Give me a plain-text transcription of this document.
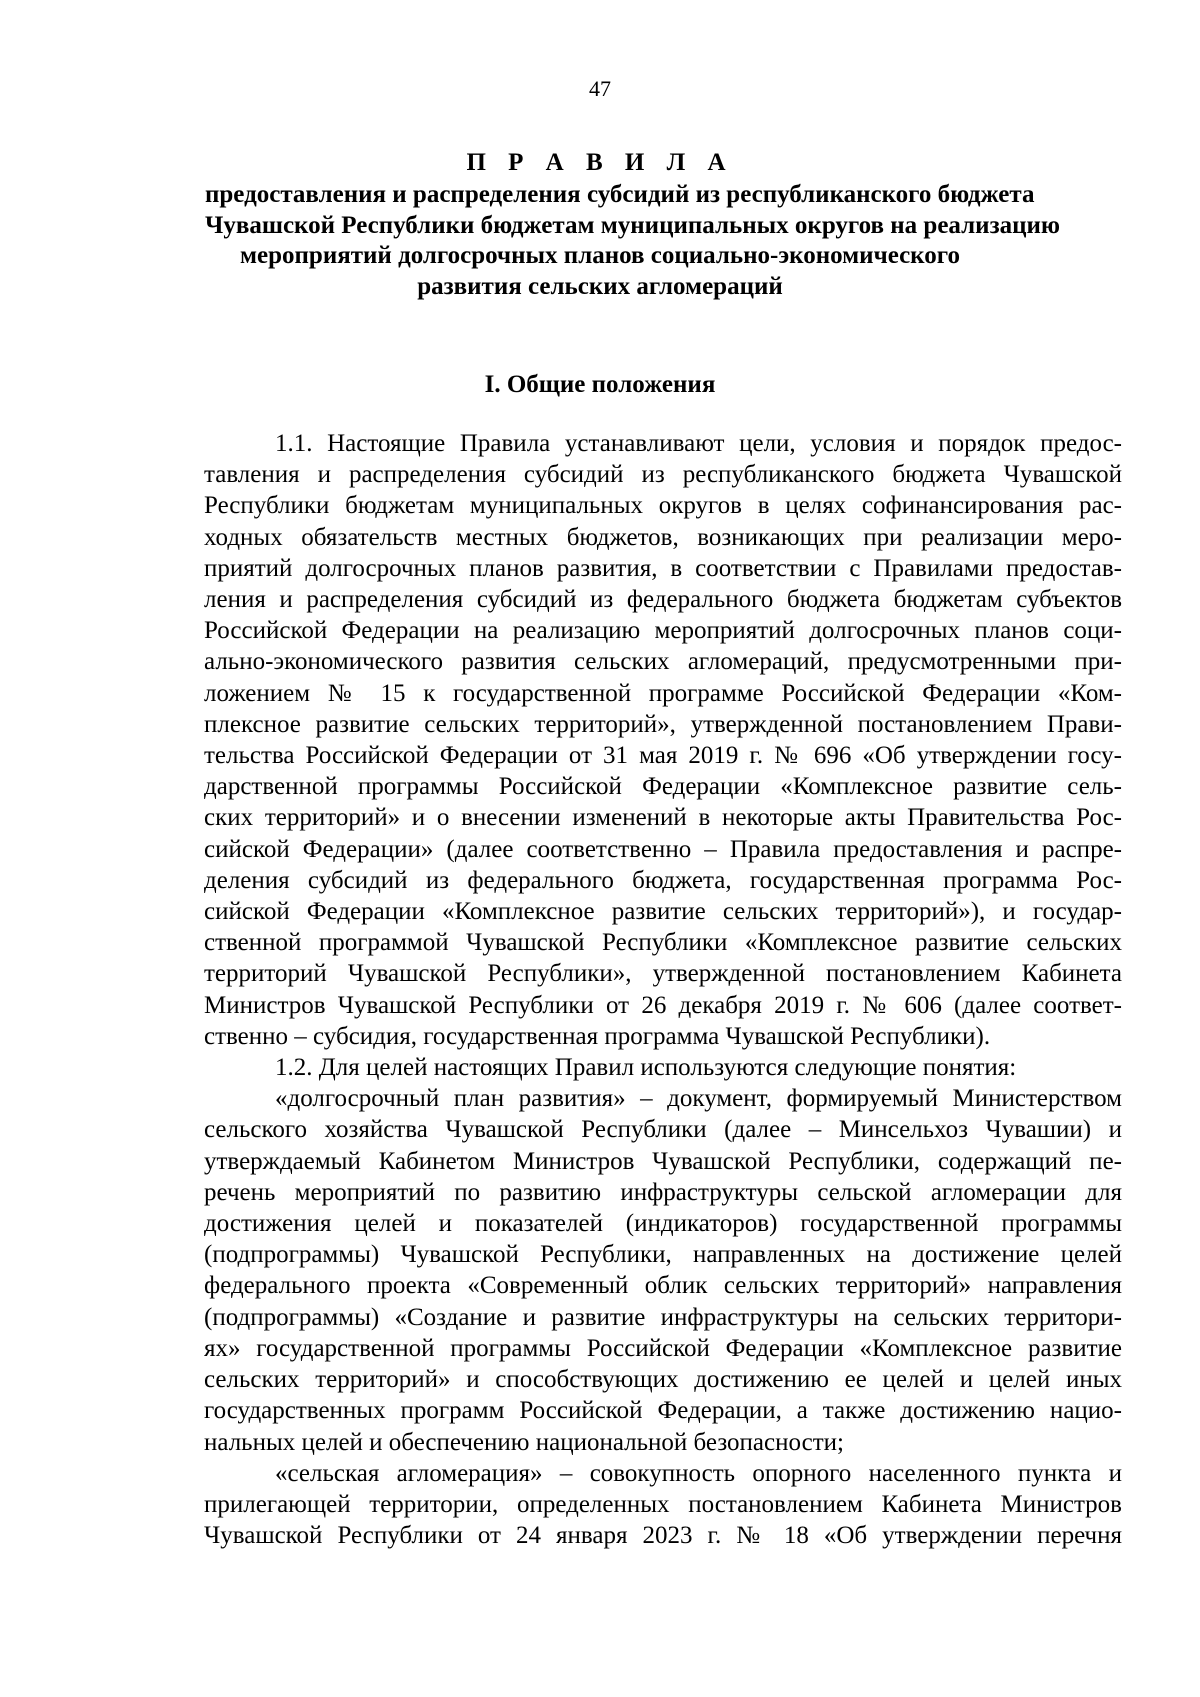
47
П Р А В И Л А
предоставления и распределения субсидий из республиканского бюджета
Чувашской Республики бюджетам муниципальных округов на реализацию
мероприятий долгосрочных планов социально-экономического
развития сельских агломераций
I. Общие положения

1.1. Настоящие Правила устанавливают цели, условия и порядок предос-
тавления и распределения субсидий из республиканского бюджета Чувашской
Республики бюджетам муниципальных округов в целях софинансирования рас-
ходных обязательств местных бюджетов, возникающих при реализации меро-
приятий долгосрочных планов развития, в соответствии с Правилами предостав-
ления и распределения субсидий из федерального бюджета бюджетам субъектов
Российской Федерации на реализацию мероприятий долгосрочных планов соци-
ально-экономического развития сельских агломераций, предусмотренными при-
ложением № 15 к государственной программе Российской Федерации «Ком-
плексное развитие сельских территорий», утвержденной постановлением Прави-
тельства Российской Федерации от 31 мая 2019 г. № 696 «Об утверждении госу-
дарственной программы Российской Федерации «Комплексное развитие сель-
ских территорий» и о внесении изменений в некоторые акты Правительства Рос-
сийской Федерации» (далее соответственно – Правила предоставления и распре-
деления субсидий из федерального бюджета, государственная программа Рос-
сийской Федерации «Комплексное развитие сельских территорий»), и государ-
ственной программой Чувашской Республики «Комплексное развитие сельских
территорий Чувашской Республики», утвержденной постановлением Кабинета
Министров Чувашской Республики от 26 декабря 2019 г. № 606 (далее соответ-
ственно – субсидия, государственная программа Чувашской Республики).

1.2. Для целей настоящих Правил используются следующие понятия:

«долгосрочный план развития» – документ, формируемый Министерством
сельского хозяйства Чувашской Республики (далее – Минсельхоз Чувашии) и
утверждаемый Кабинетом Министров Чувашской Республики, содержащий пе-
речень мероприятий по развитию инфраструктуры сельской агломерации для
достижения целей и показателей (индикаторов) государственной программы
(подпрограммы) Чувашской Республики, направленных на достижение целей
федерального проекта «Современный облик сельских территорий» направления
(подпрограммы) «Создание и развитие инфраструктуры на сельских территори-
ях» государственной программы Российской Федерации «Комплексное развитие
сельских территорий» и способствующих достижению ее целей и целей иных
государственных программ Российской Федерации, а также достижению нацио-
нальных целей и обеспечению национальной безопасности;

«сельская агломерация» – совокупность опорного населенного пункта и
прилегающей территории, определенных постановлением Кабинета Министров
Чувашской Республики от 24 января 2023 г. № 18 «Об утверждении перечня
